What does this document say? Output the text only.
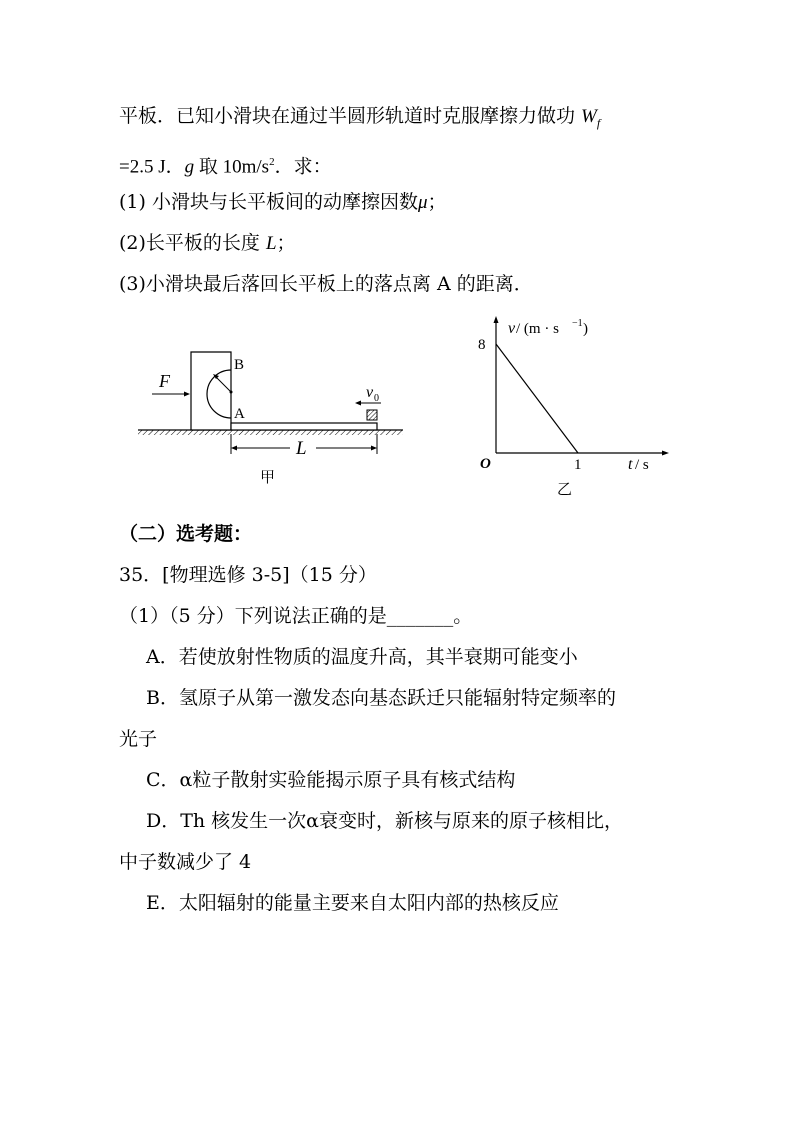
平板．已知小滑块在通过半圆形轨道时克服摩擦力做功 $W_f$
=2.5 J．g 取 $10m/s^2$．求：
(1) 小滑块与长平板间的动摩擦因数μ；
(2)长平板的长度 L；
(3)小滑块最后落回长平板上的落点离 A 的距离．
F
B
A
v 0
L
甲
v / (m · s −1 )
8
O	1	t / s
乙
（二）选考题：
35．[物理选修 3-5]（15 分）
（1）（5 分）下列说法正确的是_______。
A．若使放射性物质的温度升高，其半衰期可能变小
B．氢原子从第一激发态向基态跃迁只能辐射特定频率的
光子
C．α粒子散射实验能揭示原子具有核式结构
D．Th 核发生一次α衰变时，新核与原来的原子核相比，
中子数减少了 4
E．太阳辐射的能量主要来自太阳内部的热核反应
